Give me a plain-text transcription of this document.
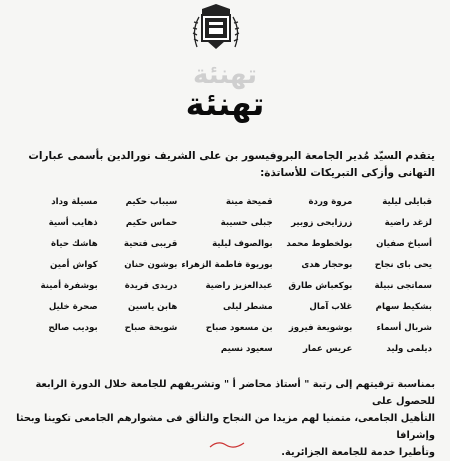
تهنئة
تهنئة
يتقدم السيّد مُدير الجامعة البروفيسور بن على الشريف نورالدين بأسمى عبارات
التهانى وأزكى التبريكات للأساتذة:
قبايلى ليلية
مروة وردة
قميحة مينة
سيباب حكيم
مسيلة وداد
لزغد راضية
زرزايحى زوبير
جبلى حسيبة
حماس حكيم
ذهايب أسية
أسياخ صفيان
بولخطوط محمد
بوالصوف ليلية
قريبى فتحية
هاشك حياة
يحى باى نجاح
بوحجار هدى
بوريوة فاطمة الزهراء
بوشون حنان
كواش أمين
سماتجى نبيلة
بوكعباش طارق
عبدالعزيز راضية
دريدى فريدة
بوشفرة أمينة
بشكيط سهام
غلاب آمال
مشطر ليلى
هابن ياسين
صحرة خليل
شربال أسماء
بوشويعة فيروز
بن مسعود صباح
شويحة صباح
بوديب صالح
ديلمى وليد
عريس عمار
سعيود نسيم
بمناسبة ترقيتهم إلى رتبة " أستاذ محاضر أ " وتشريفهم للجامعة خلال الدورة الرابعة للحصول على
التأهيل الجامعى، متمنيا لهم مزيدا من النجاح والتألق فى مشوارهم الجامعى تكوينا وبحثا وإشرافا
وتأطيرا خدمة للجامعة الجزائرية.
